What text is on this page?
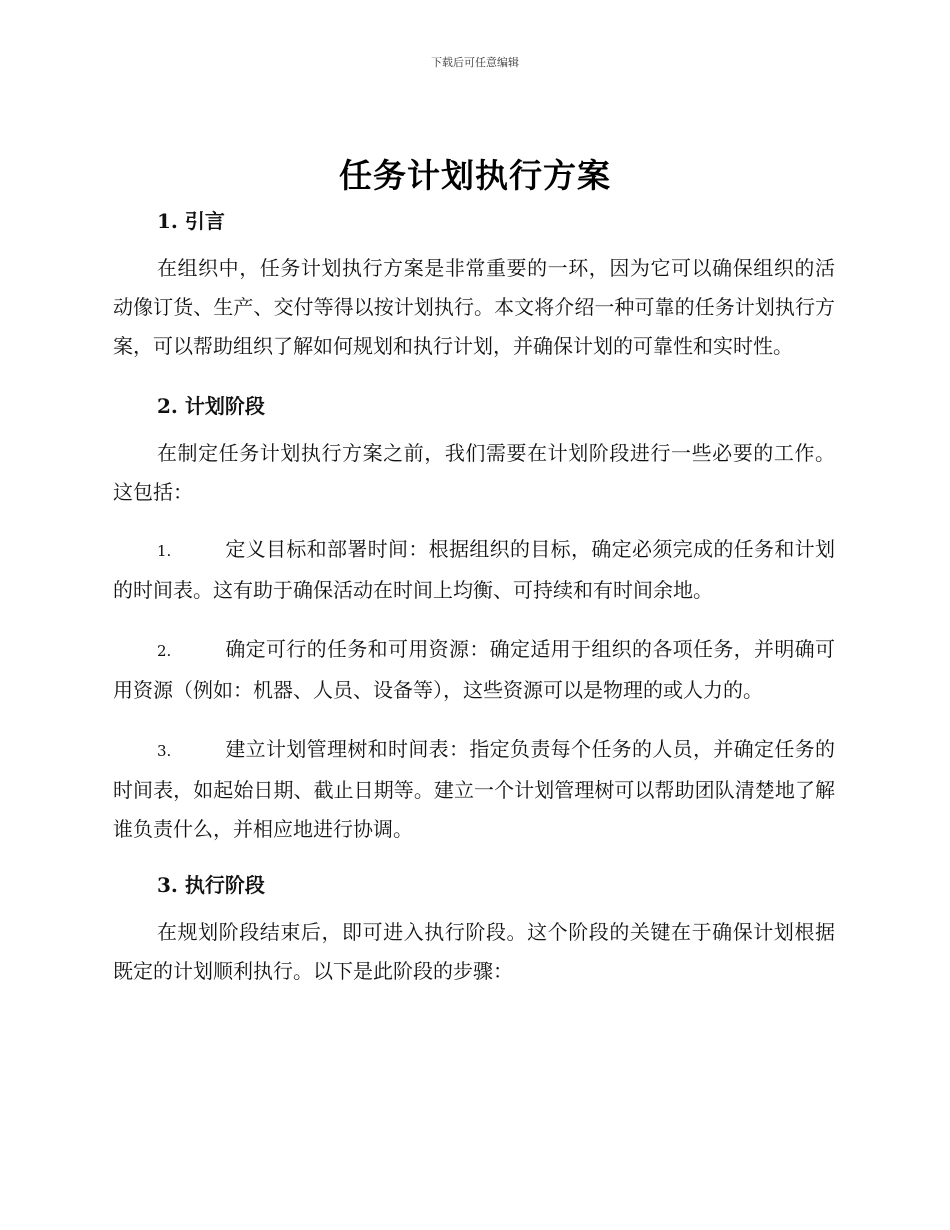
下载后可任意编辑
任务计划执行方案
1. 引言

在组织中，任务计划执行方案是非常重要的一环，因为它可以确保组织的活动像订货、生产、交付等得以按计划执行。本文将介绍一种可靠的任务计划执行方案，可以帮助组织了解如何规划和执行计划，并确保计划的可靠性和实时性。

2. 计划阶段

在制定任务计划执行方案之前，我们需要在计划阶段进行一些必要的工作。这包括：

1.	定义目标和部署时间：根据组织的目标，确定必须完成的任务和计划的时间表。这有助于确保活动在时间上均衡、可持续和有时间余地。
2.	确定可行的任务和可用资源：确定适用于组织的各项任务，并明确可用资源（例如：机器、人员、设备等），这些资源可以是物理的或人力的。
3.	建立计划管理树和时间表：指定负责每个任务的人员，并确定任务的时间表，如起始日期、截止日期等。建立一个计划管理树可以帮助团队清楚地了解谁负责什么，并相应地进行协调。
3. 执行阶段

在规划阶段结束后，即可进入执行阶段。这个阶段的关键在于确保计划根据既定的计划顺利执行。以下是此阶段的步骤：
